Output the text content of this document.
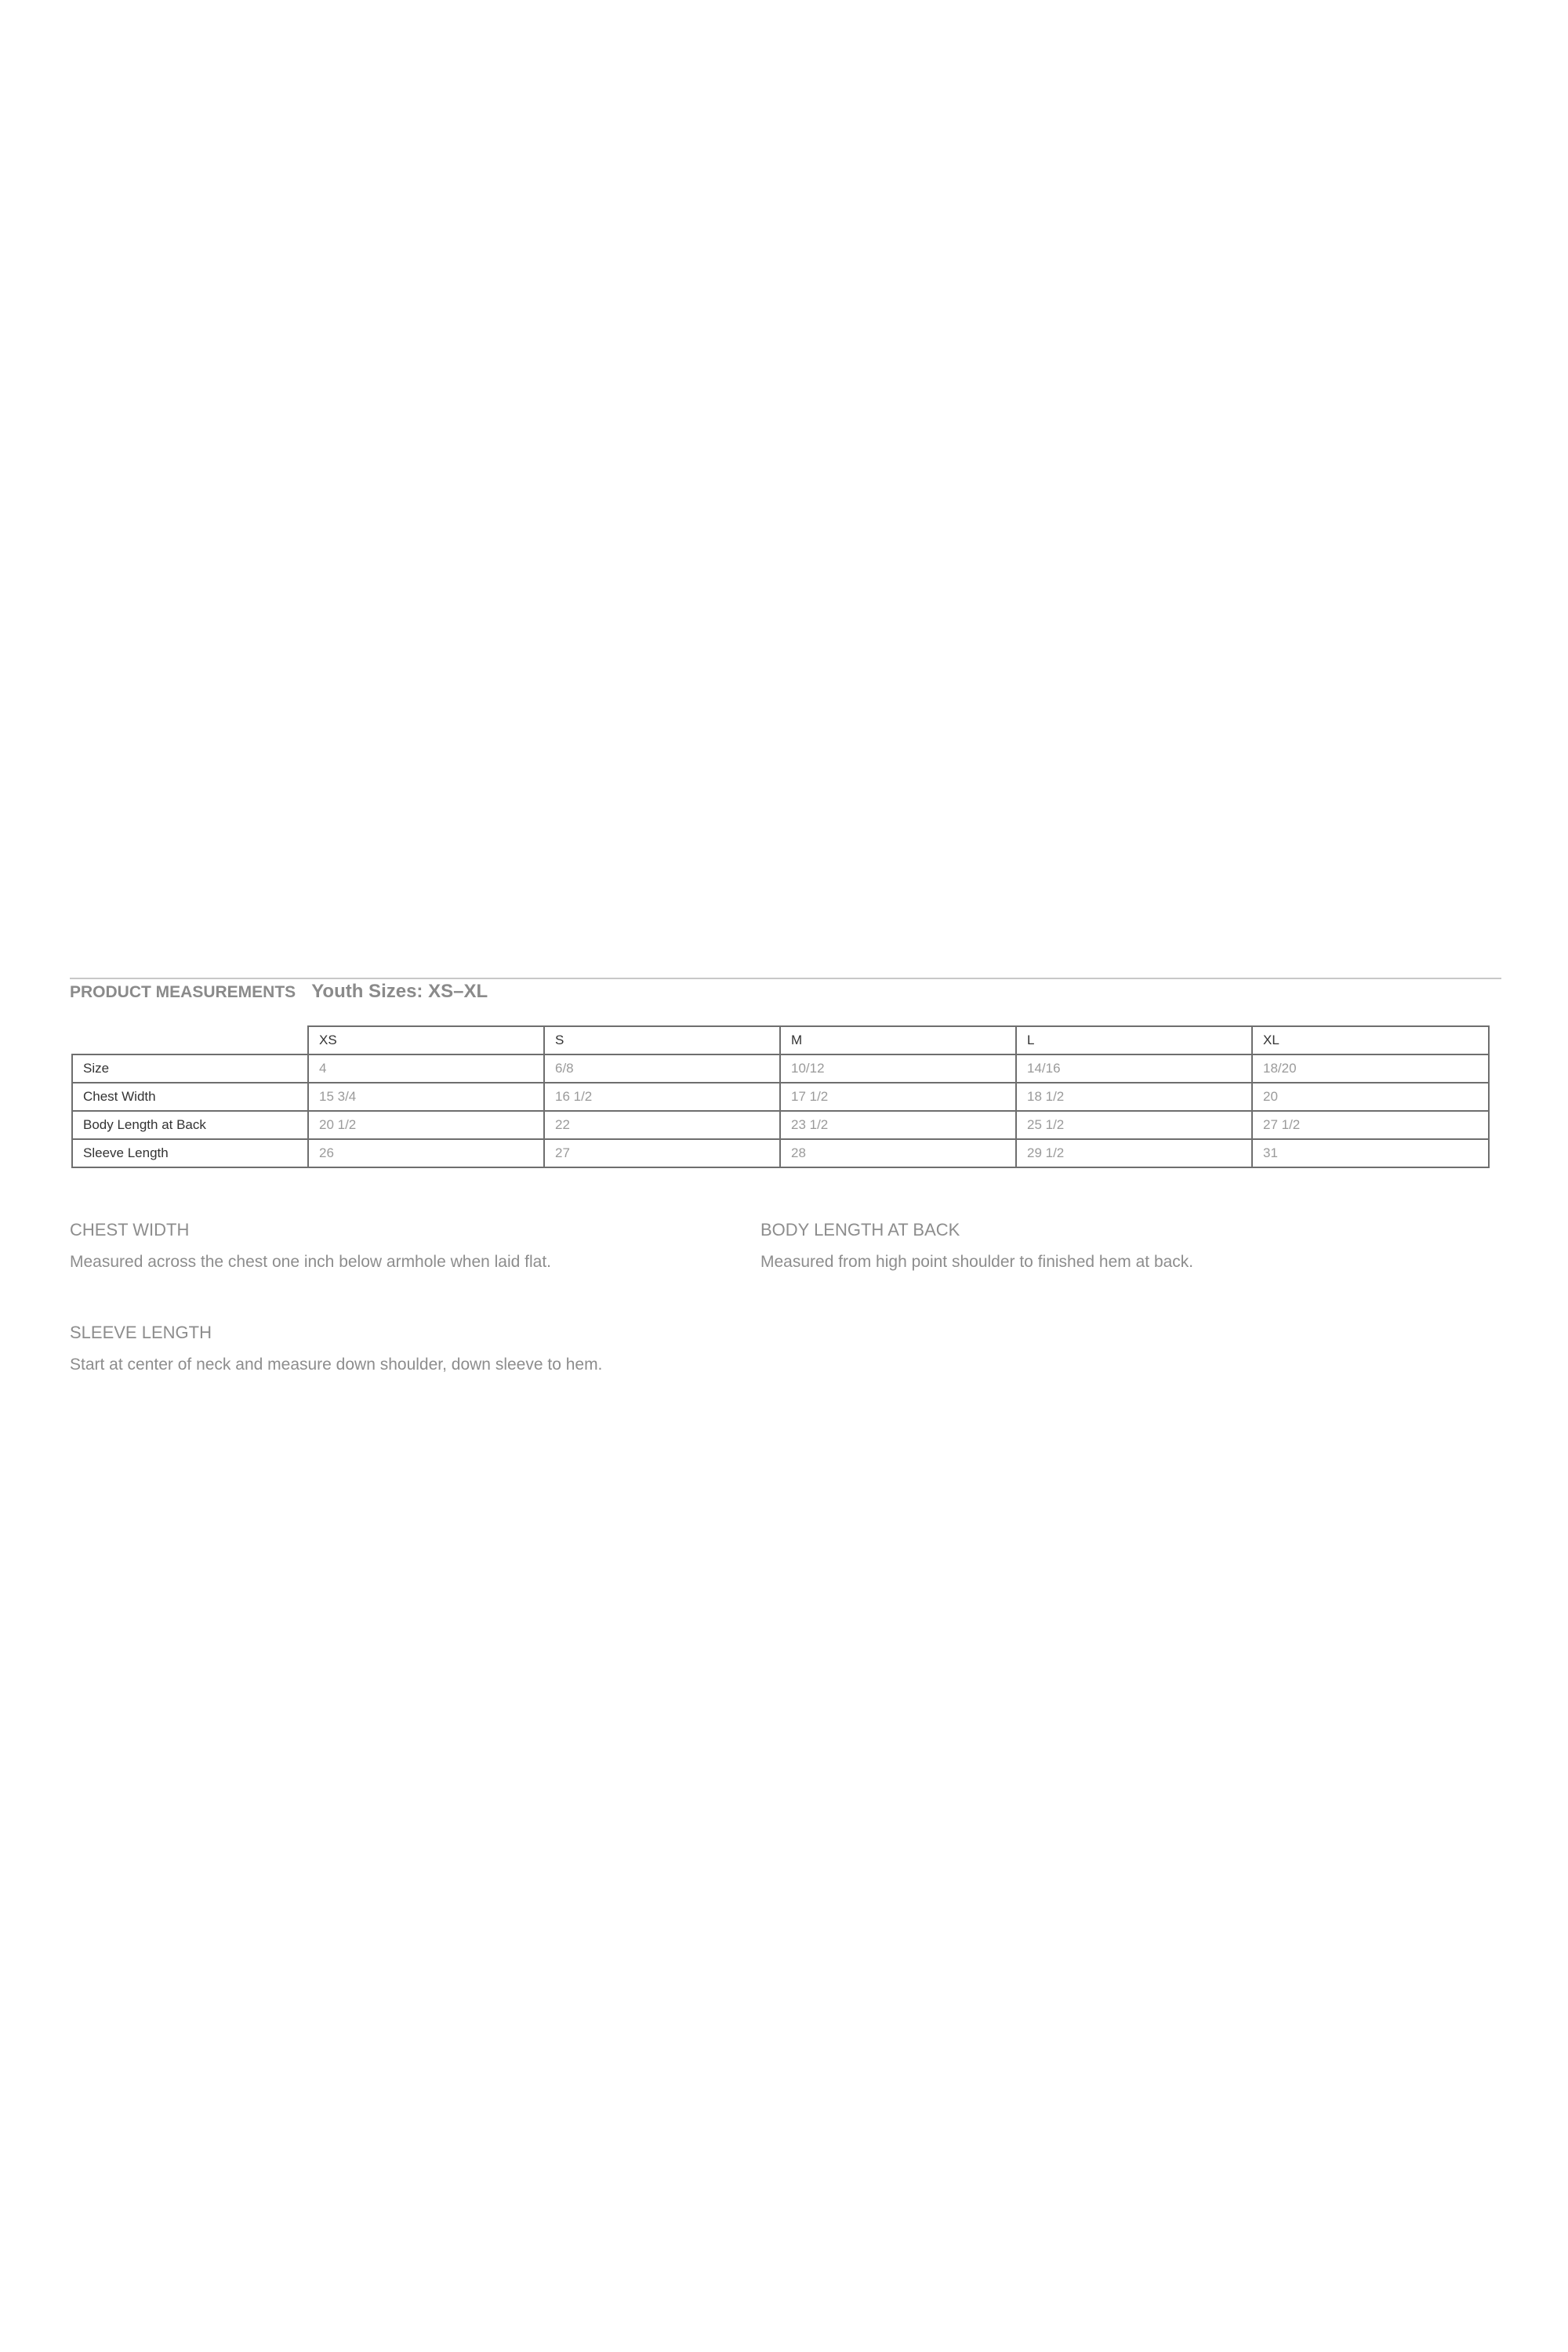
PRODUCT MEASUREMENTS Youth Sizes: XS–XL
	XS	S	M	L	XL
Size	4	6/8	10/12	14/16	18/20
Chest Width	15 3/4	16 1/2	17 1/2	18 1/2	20
Body Length at Back	20 1/2	22	23 1/2	25 1/2	27 1/2
Sleeve Length	26	27	28	29 1/2	31

CHEST WIDTH

Measured across the chest one inch below armhole when laid flat.

BODY LENGTH AT BACK

Measured from high point shoulder to finished hem at back.

SLEEVE LENGTH

Start at center of neck and measure down shoulder, down sleeve to hem.
